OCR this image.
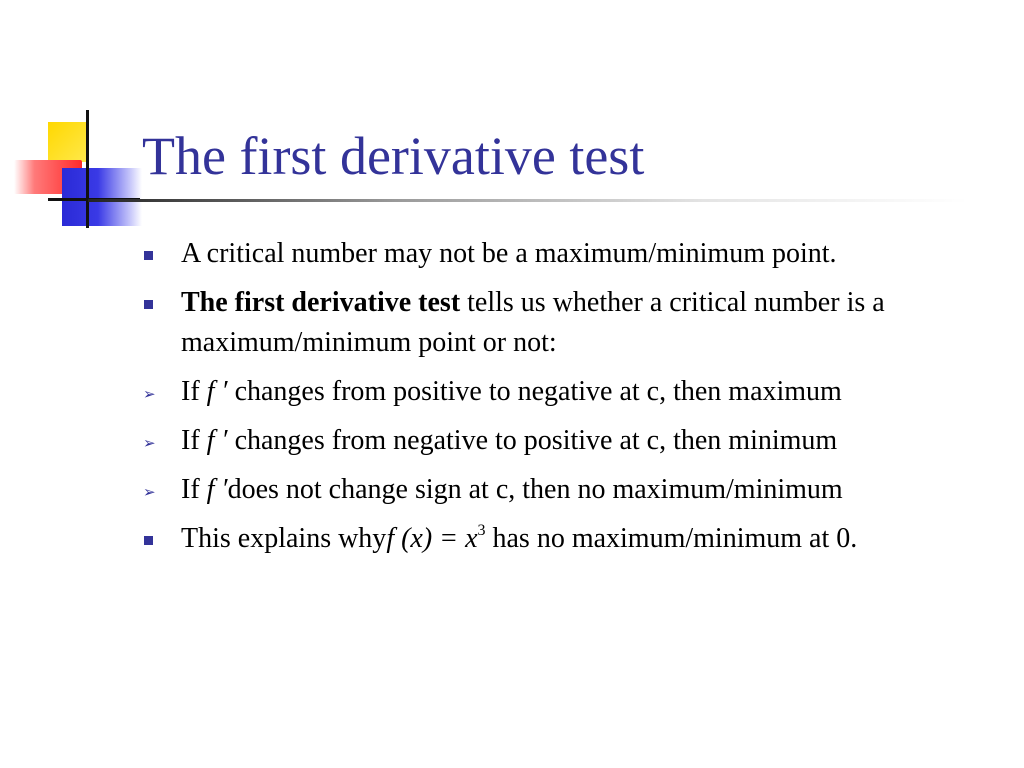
The first derivative test
A critical number may not be a maximum/minimum point.
The first derivative test tells us whether a critical number is a maximum/minimum point or not:
➢ If f ′ changes from positive to negative at c, then maximum
➢ If f ′ changes from negative to positive at c, then minimum
➢ If f ′does not change sign at c, then no maximum/minimum
This explains whyf $(x) = x^3$ has no maximum/minimum at 0.
